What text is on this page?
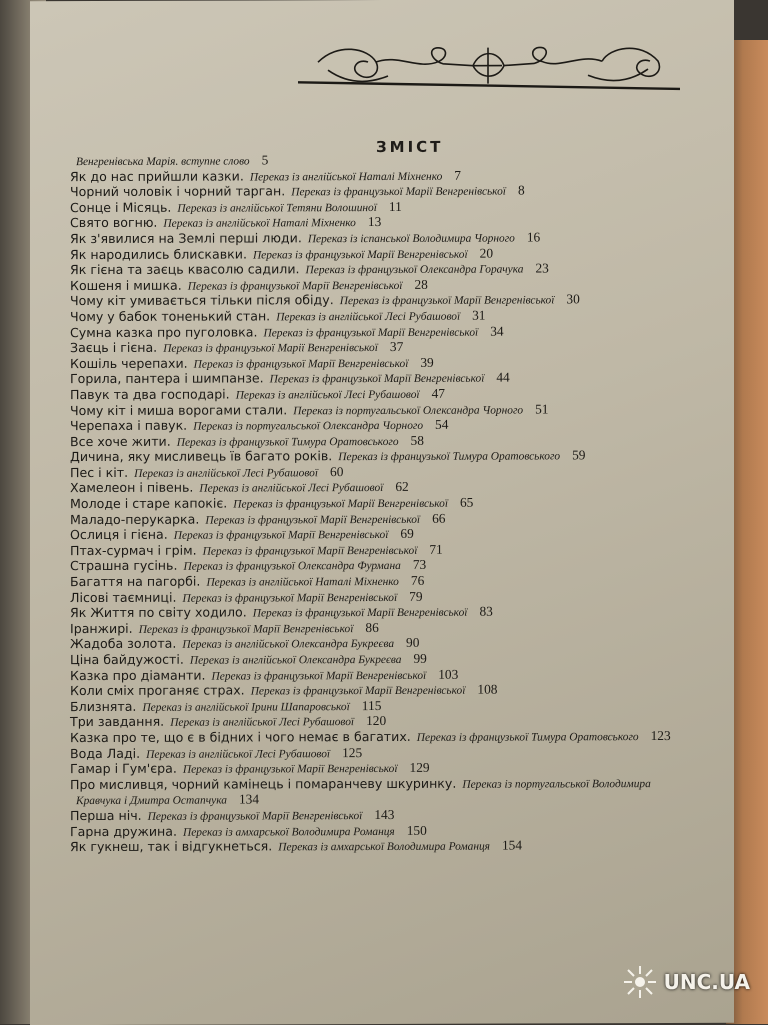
ЗМІСТ
Венгренівська Марія. вступне слово 5
Як до нас прийшли казки. Переказ із англійської Наталі Міхненко 7
Чорний чоловік і чорний тарган. Переказ із французької Марії Венгренівської 8
Сонце і Місяць. Переказ із англійської Тетяни Волошиної 11
Свято вогню. Переказ із англійської Наталі Міхненко 13
Як з'явилися на Землі перші люди. Переказ із іспанської Володимира Чорного 16
Як народились блискавки. Переказ із французької Марії Венгренівської 20
Як гієна та заєць квасолю садили. Переказ із французької Олександра Горачука 23
Кошеня і мишка. Переказ із французької Марії Венгренівської 28
Чому кіт умивається тільки після обіду. Переказ із французької Марії Венгренівської 30
Чому у бабок тоненький стан. Переказ із англійської Лесі Рубашової 31
Сумна казка про пуголовка. Переказ із французької Марії Венгренівської 34
Заєць і гієна. Переказ із французької Марії Венгренівської 37
Кошіль черепахи. Переказ із французької Марії Венгренівської 39
Горила, пантера і шимпанзе. Переказ із французької Марії Венгренівської 44
Павук та два господарі. Переказ із англійської Лесі Рубашової 47
Чому кіт і миша ворогами стали. Переказ із португальської Олександра Чорного 51
Черепаха і павук. Переказ із португальської Олександра Чорного 54
Все хоче жити. Переказ із французької Тимура Оратовського 58
Дичина, яку мисливець їв багато років. Переказ із французької Тимура Оратовського 59
Пес і кіт. Переказ із англійської Лесі Рубашової 60
Хамелеон і півень. Переказ із англійської Лесі Рубашової 62
Молоде і старе капокіє. Переказ із французької Марії Венгренівської 65
Маладо-перукарка. Переказ із французької Марії Венгренівської 66
Ослиця і гієна. Переказ із французької Марії Венгренівської 69
Птах-сурмач і грім. Переказ із французької Марії Венгренівської 71
Страшна гусінь. Переказ із французької Олександра Фурмана 73
Багаття на пагорбі. Переказ із англійської Наталі Міхненко 76
Лісові таємниці. Переказ із французької Марії Венгренівської 79
Як Життя по світу ходило. Переказ із французької Марії Венгренівської 83
Іранжирі. Переказ із французької Марії Венгренівської 86
Жадоба золота. Переказ із англійської Олександра Букреєва 90
Ціна байдужості. Переказ із англійської Олександра Букреєва 99
Казка про діаманти. Переказ із французької Марії Венгренівської 103
Коли сміх проганяє страх. Переказ із французької Марії Венгренівської 108
Близнята. Переказ із англійської Ірини Шапаровської 115
Три завдання. Переказ із англійської Лесі Рубашової 120
Казка про те, що є в бідних і чого немає в багатих. Переказ із французької Тимура Оратовського 123
Вода Ладі. Переказ із англійської Лесі Рубашової 125
Гамар і Гум'єра. Переказ із французької Марії Венгренівської 129
Про мисливця, чорний камінець і помаранчеву шкуринку. Переказ із португальської Володимира
Кравчука і Дмитра Остапчука 134
Перша ніч. Переказ із французької Марії Венгренівської 143
Гарна дружина. Переказ із амхарської Володимира Романця 150
Як гукнеш, так і відгукнеться. Переказ із амхарської Володимира Романця 154
UNC.UA
